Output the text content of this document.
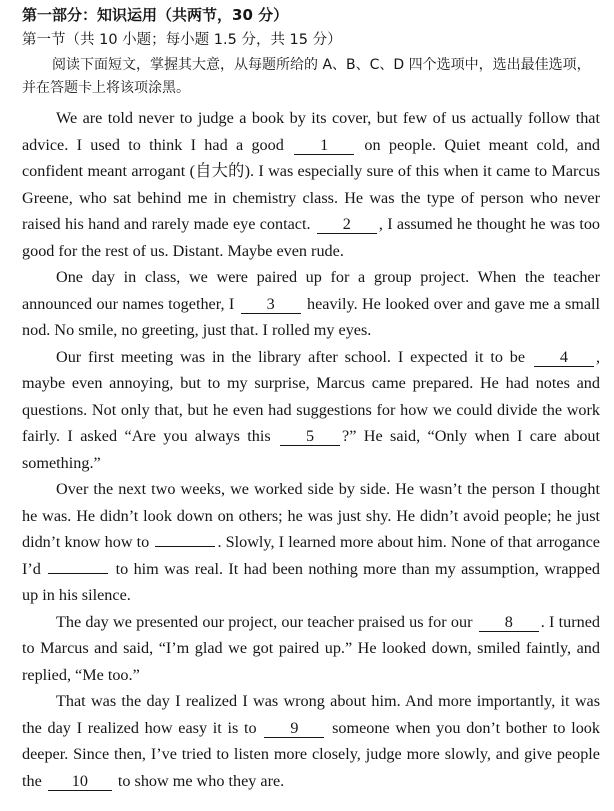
第一部分：知识运用（共两节，30 分）
第一节（共 10 小题；每小题 1.5 分，共 15 分）

阅读下面短文，掌握其大意，从每题所给的 A、B、C、D 四个选项中，选出最佳选项，并在答题卡上将该项涂黑。

We are told never to judge a book by its cover, but few of us actually follow that advice. I used to think I had a good 1 on people. Quiet meant cold, and confident meant arrogant (自大的). I was especially sure of this when it came to Marcus Greene, who sat behind me in chemistry class. He was the type of person who never raised his hand and rarely made eye contact. 2 , I assumed he thought he was too good for the rest of us. Distant. Maybe even rude.

One day in class, we were paired up for a group project. When the teacher announced our names together, I 3 heavily. He looked over and gave me a small nod. No smile, no greeting, just that. I rolled my eyes.

Our first meeting was in the library after school. I expected it to be 4 , maybe even annoying, but to my surprise, Marcus came prepared. He had notes and questions. Not only that, but he even had suggestions for how we could divide the work fairly. I asked “Are you always this 5 ?” He said, “Only when I care about something.”

Over the next two weeks, we worked side by side. He wasn’t the person I thought he was. He didn’t look down on others; he was just shy. He didn’t avoid people; he just didn’t know how to	. Slowly, I learned more about him. None of that arrogance I’d	to him was real. It had been nothing more than my assumption, wrapped up in his silence.

The day we presented our project, our teacher praised us for our 8 . I turned to Marcus and said, “I’m glad we got paired up.” He looked down, smiled faintly, and replied, “Me too.”

That was the day I realized I was wrong about him. And more importantly, it was the day I realized how easy it is to 9 someone when you don’t bother to look deeper. Since then, I’ve tried to listen more closely, judge more slowly, and give people the 10 to show me who they are.
